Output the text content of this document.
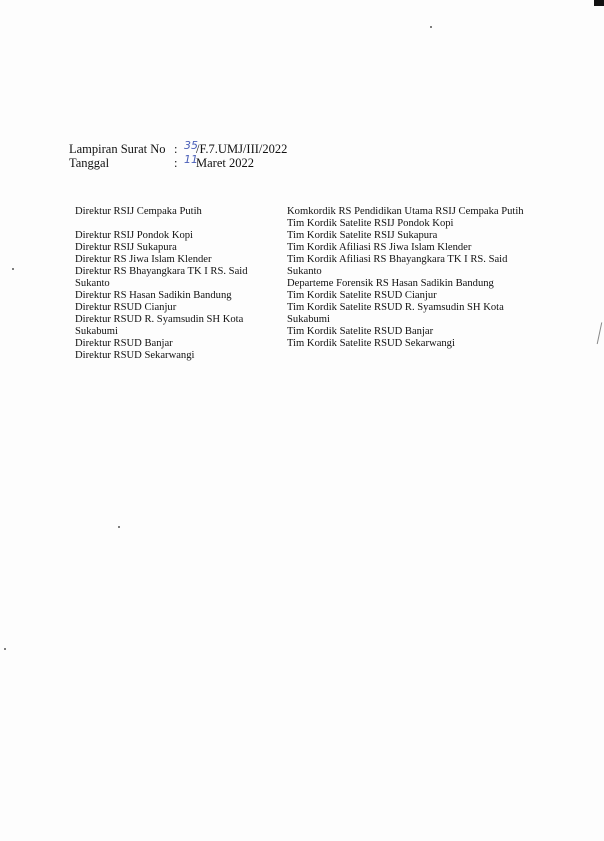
Lampiran Surat No : 35
/F.7.UMJ/III/2022
Tanggal	: 11
Maret 2022
Direktur RSIJ Cempaka Putih
Direktur RSIJ Pondok Kopi
Direktur RSIJ Sukapura
Direktur RS Jiwa Islam Klender
Direktur RS Bhayangkara TK I RS. Said Sukanto
Direktur RS Hasan Sadikin Bandung
Direktur RSUD Cianjur
Direktur RSUD R. Syamsudin SH Kota Sukabumi
Direktur RSUD Banjar
Direktur RSUD Sekarwangi
Komkordik RS Pendidikan Utama RSIJ Cempaka Putih
Tim Kordik Satelite RSIJ Pondok Kopi
Tim Kordik Satelite RSIJ Sukapura
Tim Kordik Afiliasi RS Jiwa Islam Klender
Tim Kordik Afiliasi RS Bhayangkara TK I RS. Said Sukanto
Departeme Forensik RS Hasan Sadikin Bandung
Tim Kordik Satelite RSUD Cianjur
Tim Kordik Satelite RSUD R. Syamsudin SH Kota Sukabumi
Tim Kordik Satelite RSUD Banjar
Tim Kordik Satelite RSUD Sekarwangi
